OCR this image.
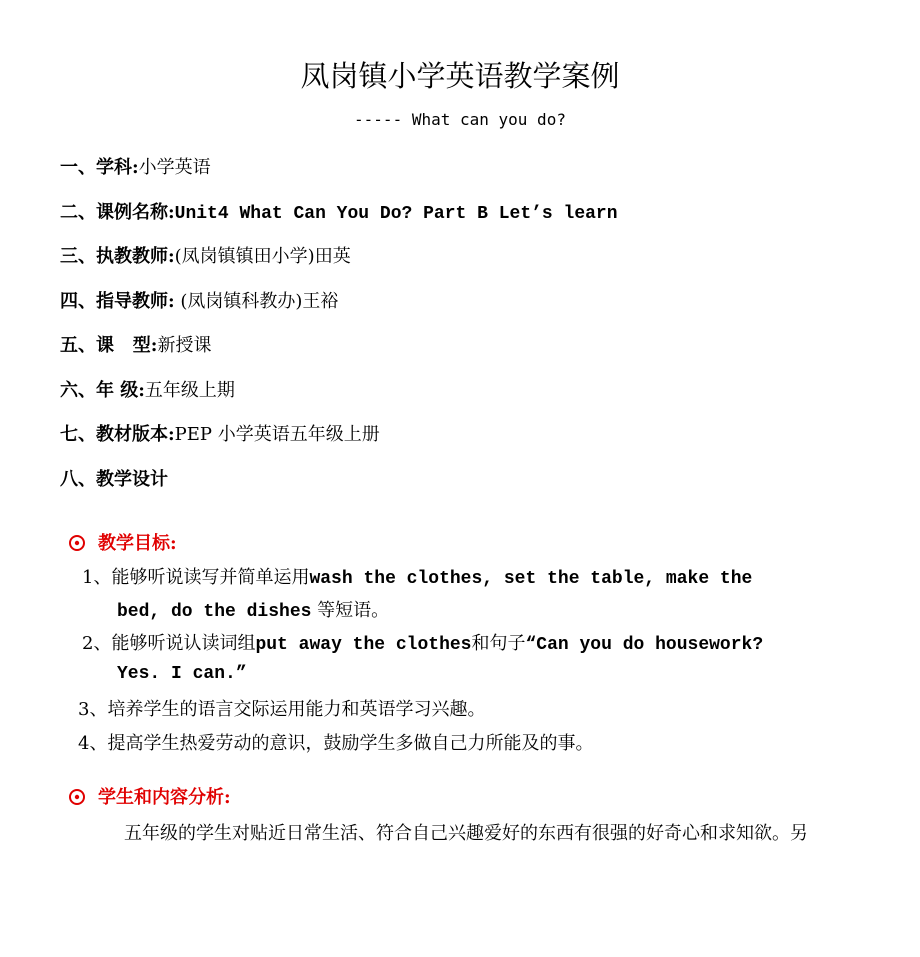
凤岗镇小学英语教学案例
----- What can you do?
一、学科:小学英语
二、课例名称:Unit4 What Can You Do? Part B Let’s learn
三、执教教师:(凤岗镇镇田小学)田英
四、指导教师: (凤岗镇科教办)王裕
五、课   型:新授课
六、年 级:五年级上期
七、教材版本:PEP 小学英语五年级上册
八、教学设计
教学目标:
1、能够听说读写并简单运用wash the clothes, set the table, make the
bed, do the dishes 等短语。
2、能够听说认读词组put away the clothes和句子“Can you do housework?
Yes. I can.”
3、培养学生的语言交际运用能力和英语学习兴趣。
4、提高学生热爱劳动的意识，鼓励学生多做自己力所能及的事。
学生和内容分析:
五年级的学生对贴近日常生活、符合自己兴趣爱好的东西有很强的好奇心和求知欲。另
